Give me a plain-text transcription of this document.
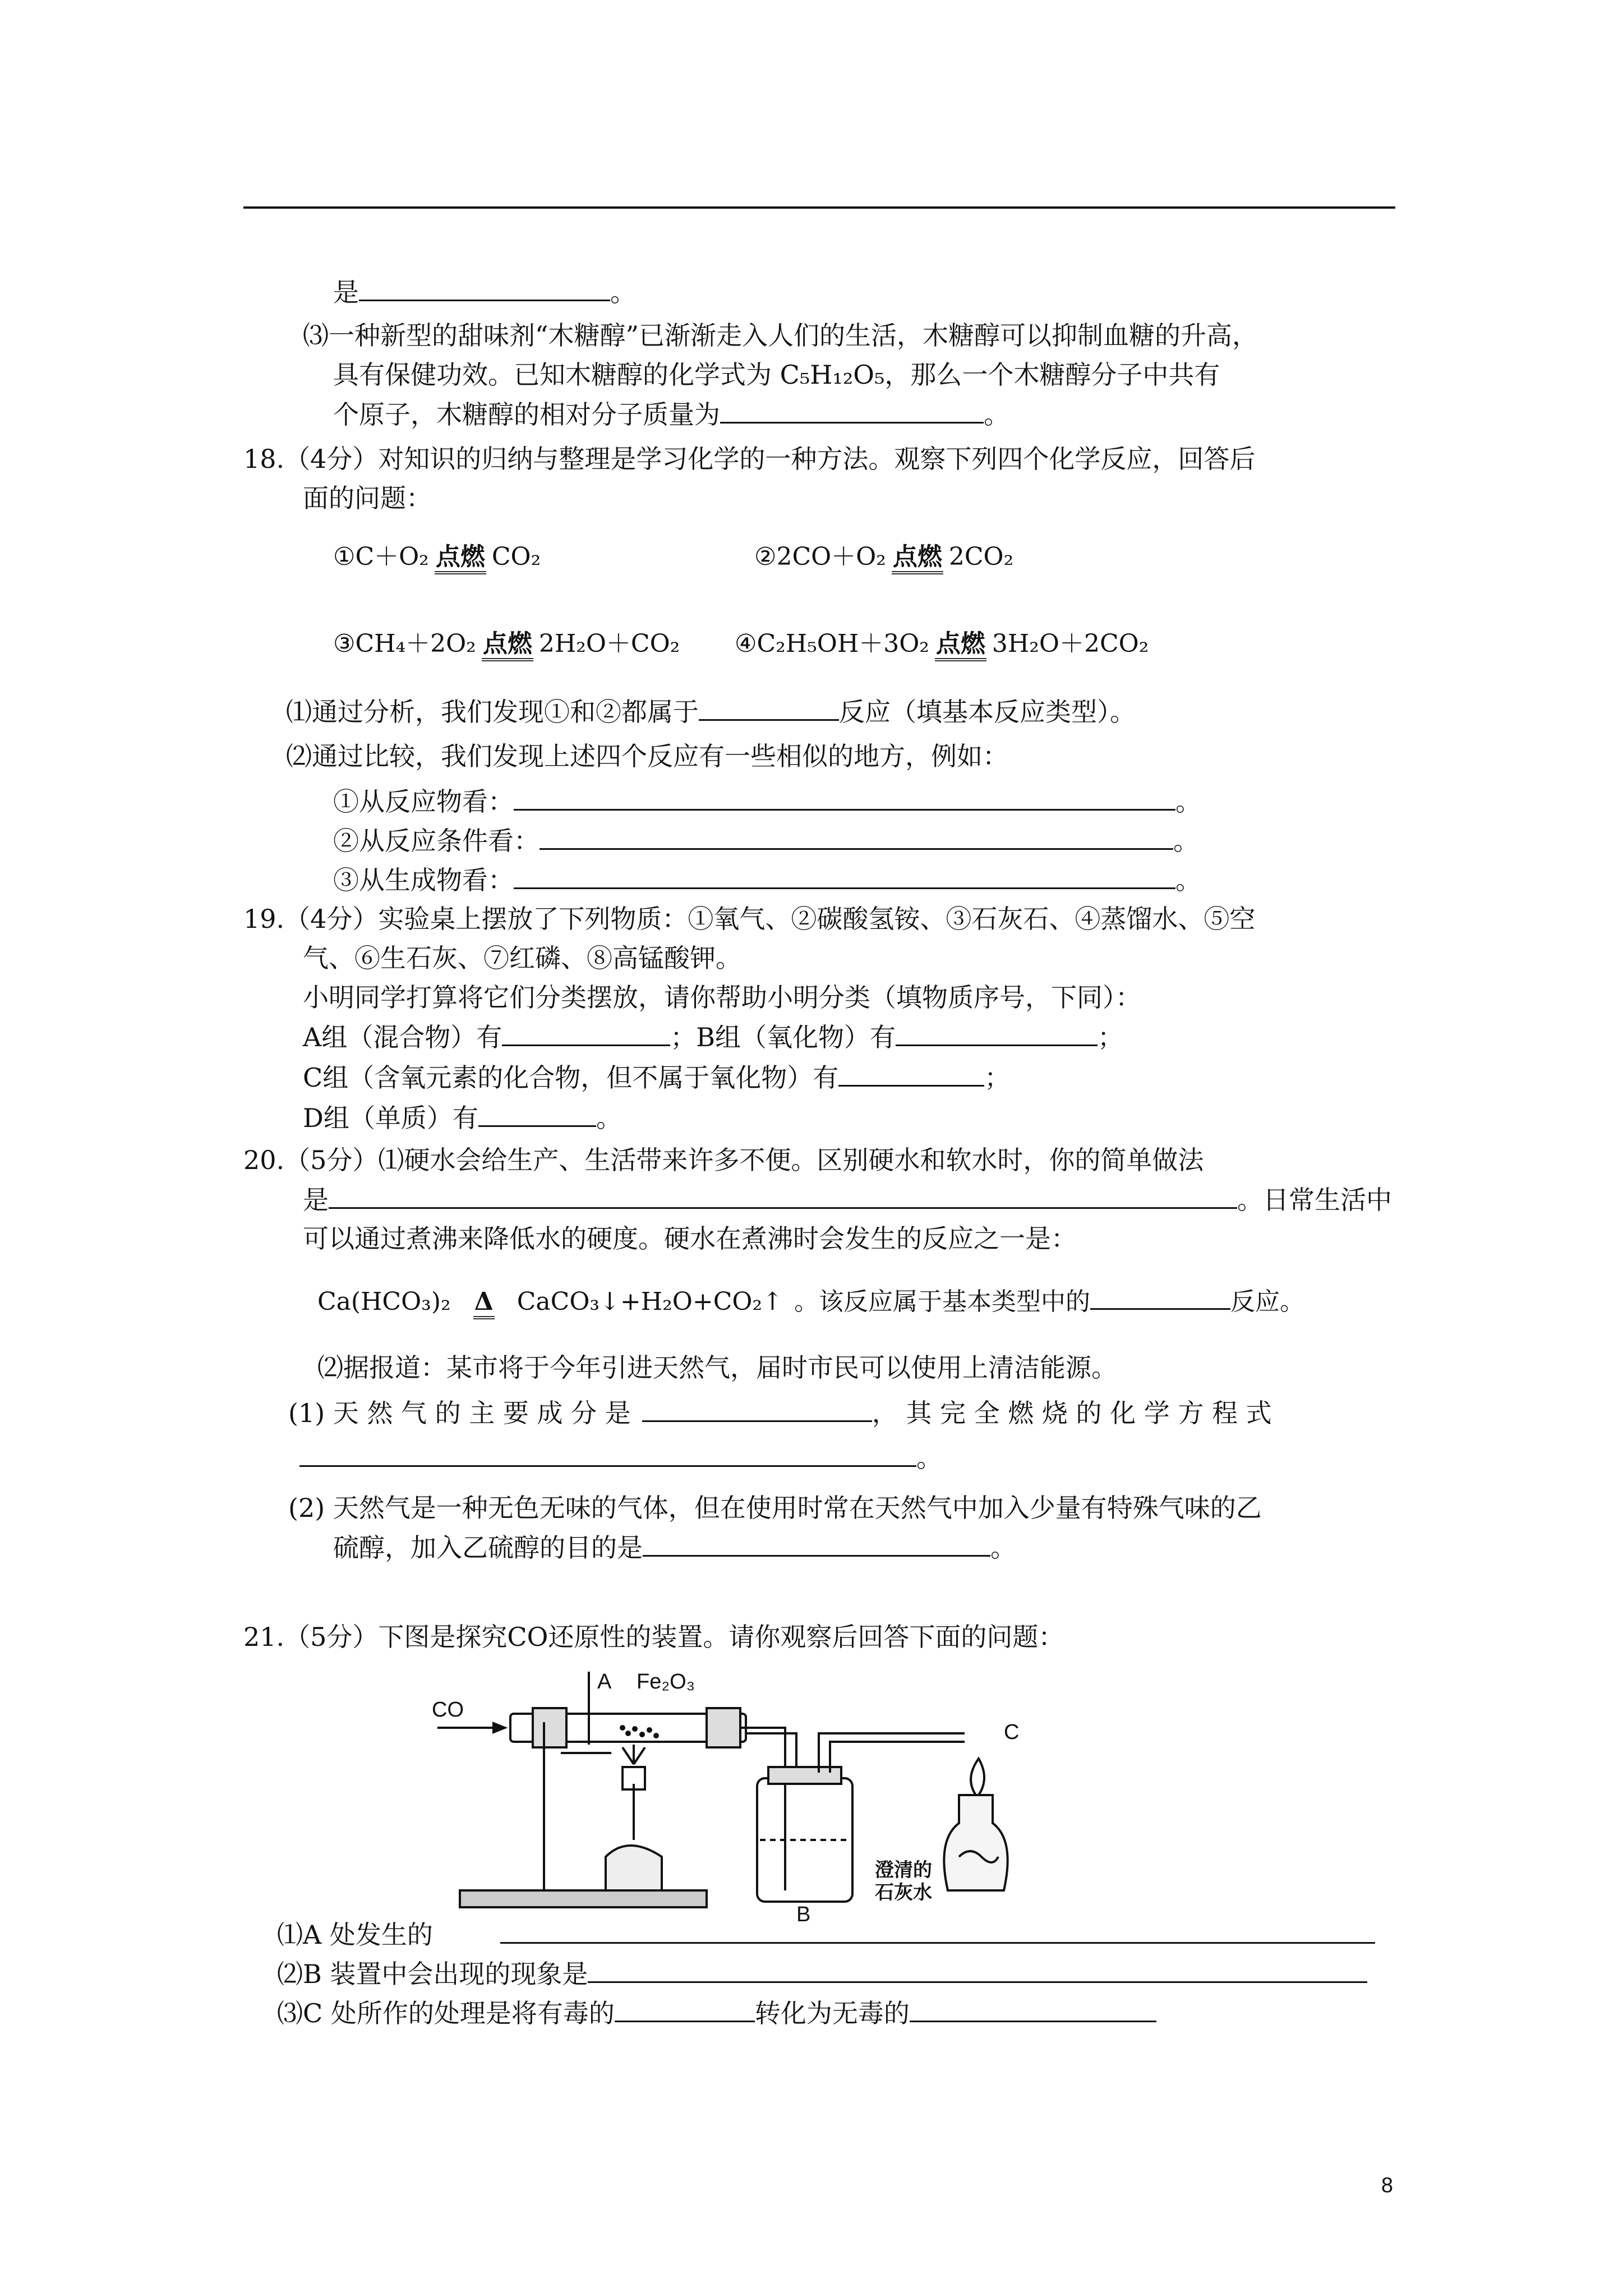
是	。
⑶一种新型的甜味剂“木糖醇”已渐渐走入人们的生活，木糖醇可以抑制血糖的升高，
具有保健功效。已知木糖醇的化学式为 C₅H₁₂O₅，那么一个木糖醇分子中共有
个原子，木糖醇的相对分子质量为	。
18.（4分）对知识的归纳与整理是学习化学的一种方法。观察下列四个化学反应，回答后
面的问题：
①C＋O₂ 点燃 CO₂	②2CO＋O₂ 点燃 2CO₂
③CH₄＋2O₂ 点燃 2H₂O＋CO₂ ④C₂H₅OH＋3O₂ 点燃 3H₂O＋2CO₂
⑴通过分析，我们发现①和②都属于	反应（填基本反应类型）。
⑵通过比较，我们发现上述四个反应有一些相似的地方，例如：
①从反应物看：	。
②从反应条件看：	。
③从生成物看：	。
19.（4分）实验桌上摆放了下列物质：①氧气、②碳酸氢铵、③石灰石、④蒸馏水、⑤空
气、⑥生石灰、⑦红磷、⑧高锰酸钾。
小明同学打算将它们分类摆放，请你帮助小明分类（填物质序号，下同）：
A组（混合物）有	；B组（氧化物）有	；
C组（含氧元素的化合物，但不属于氧化物）有	；
D组（单质）有	。
20.（5分）⑴硬水会给生产、生活带来许多不便。区别硬水和软水时，你的简单做法
是	。日常生活中
可以通过煮沸来降低水的硬度。硬水在煮沸时会发生的反应之一是：
Ca(HCO₃)₂ Δ CaCO₃↓+H₂O+CO₂↑ 。该反应属于基本类型中的	反应。
⑵据报道：某市将于今年引进天然气，届时市民可以使用上清洁能源。
(1) 天 然 气 的 主 要 成 分 是	， 其 完 全 燃 烧 的 化 学 方 程 式
。
(2) 天然气是一种无色无味的气体，但在使用时常在天然气中加入少量有特殊气味的乙
硫醇，加入乙硫醇的目的是	。
21.（5分）下图是探究CO还原性的装置。请你观察后回答下面的问题：
CO
A Fe₂O₃
C
B
澄清的
石灰水
⑴A 处发生的
⑵B 装置中会出现的现象是
⑶C 处所作的处理是将有毒的	转化为无毒的
8
